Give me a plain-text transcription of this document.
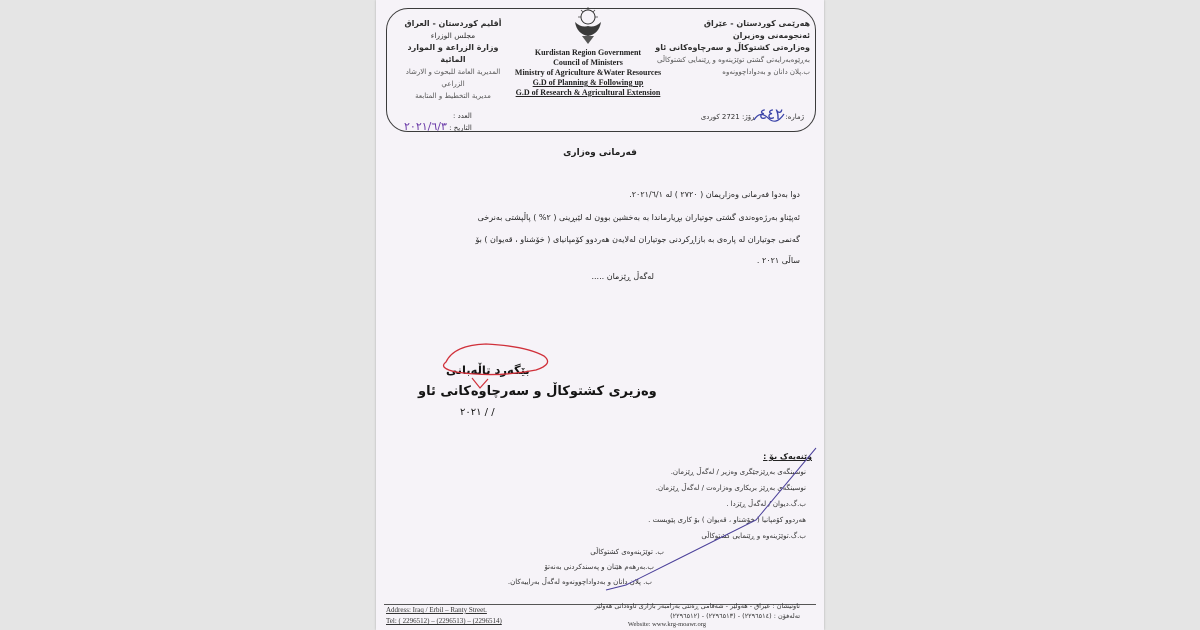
أقليم كوردستان - العراق
مجلس الوزراء
وزارة الزراعة و الموارد المائية
المديرية العامة للبحوث و الارشاد الزراعي
مديرية التخطيط و المتابعة
Kurdistan Region Government
Council of Ministers
Ministry of Agriculture &Water Resources
G.D of Planning & Following up
G.D of Research & Agricultural Extension
هەرێمی کوردستان - عێراق
ئەنجومەنی وەزیران
وەزارەتی کشتوکاڵ و سەرچاوەکانی ئاو
بەڕێوەبەرایەتی گشتی توێژینەوە و ڕێنمایی کشتوکاڵی
ب.پلان دانان و بەدواداچوونەوە
ژمارە: ٤٤٢  رۆژ: 2721 كوردی
العدد :
التاريخ : ٢٠٢١/٦/٣
فەرمانی وەزاری
دوا بەدوا فەرمانی وەزاریمان ( ٢٧٢٠ ) لە ٢٠٢١/٦/١.
ئەپێناو بەرژەوەندی گشتی جوتیاران بڕیارماندا بە بەخشین بوون لە لێبڕینی ( ٢% ) پاڵپشتی بەنرخی
گەنمی جوتیاران لە پارەی بە بازاڕکردنی جوتیاران لەلایەن هەردوو کۆمپانیای ( خۆشناو ، قەیوان ) بۆ
ساڵی ٢٠٢١ .
لەگەڵ ڕێزمان .....
بێگەرد تاڵەبانی
وەزیری کشتوکاڵ و سەرچاوەکانی ئاو
/ / ٢٠٢١
وێنەیەک بۆ :
نوسینگەی بەڕێزجێگری وەزیر / لەگەڵ ڕێزمان.
نوسینگەی بەڕێز بریکاری وەزارەت / لەگەڵ ڕێزمان.
ب.گ.دیوان / لەگەڵ ڕێزدا .
هەردوو کۆمپانیا ( خۆشناو ، قەیوان ) بۆ کاری پێویست .
ب.گ.توێژینەوە و ڕێنمایی کشتوکاڵی
ب. توێژینەوەی کشتوکاڵی
ب.بەرهەم هێنان و پەسندکردنی بەنەتۆ
ب. پلان دانان و بەدواداچوونەوە لەگەڵ بەراییەکان.
Address: Iraq / Erbil – Ranty Street.
Tel: ( 2296512) – (2296513) – (2296514)
ناونیشان : عیراق - هەولێر - شەقامی ڕەنتی بەرامبەر بازاری ئاوەدانی هەولێر
تەلەفۆن : (٢٢٩٦٥١٤) - (٢٢٩٦٥١٣) - (٢٢٩٦٥١٢)
Website: www.krg-moawr.org
